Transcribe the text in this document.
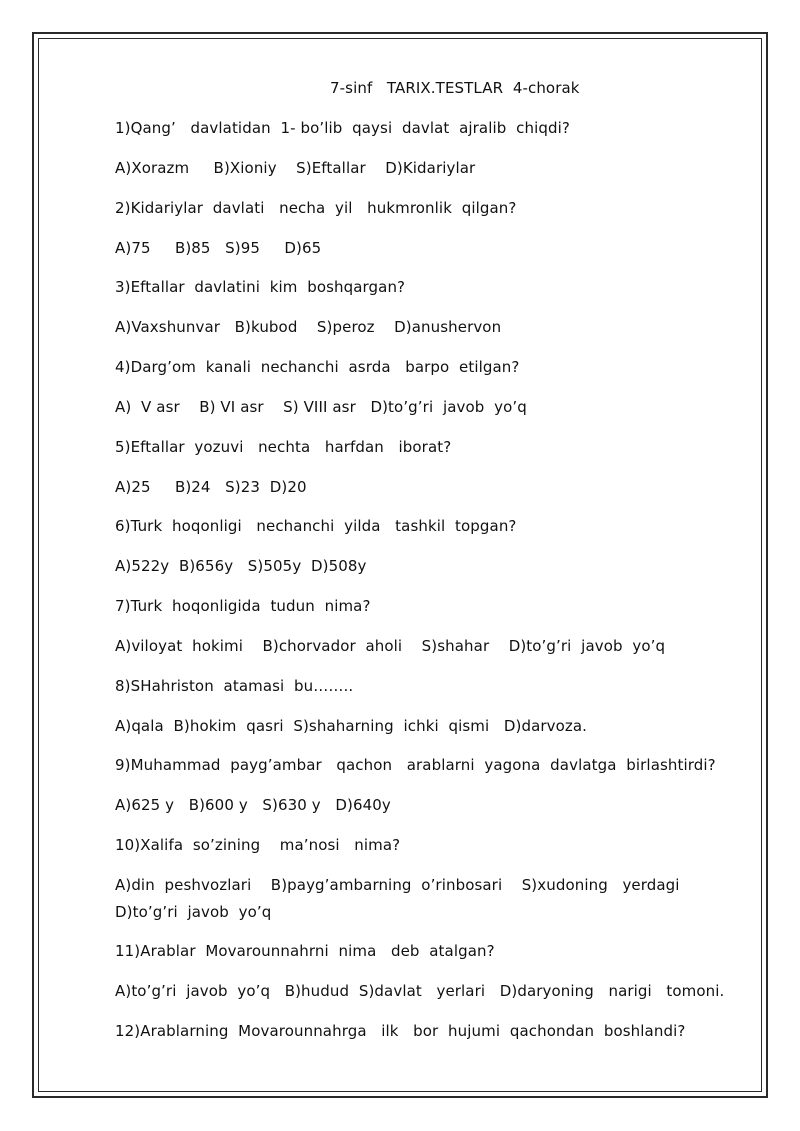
7-sinf   TARIX.TESTLAR  4-chorak
1)Qang’   davlatidan  1- bo’lib  qaysi  davlat  ajralib  chiqdi?
A)Xorazm     B)Xioniy    S)Eftallar    D)Kidariylar
2)Kidariylar  davlati   necha  yil   hukmronlik  qilgan?
A)75     B)85   S)95     D)65
3)Eftallar  davlatini  kim  boshqargan?
A)Vaxshunvar   B)kubod    S)peroz    D)anushervon
4)Darg’om  kanali  nechanchi  asrda   barpo  etilgan?
A)  V asr    B) VI asr    S) VIII asr   D)to’g’ri  javob  yo’q
5)Eftallar  yozuvi   nechta   harfdan   iborat?
A)25     B)24   S)23  D)20
6)Turk  hoqonligi   nechanchi  yilda   tashkil  topgan?
A)522y  B)656y   S)505y  D)508y
7)Turk  hoqonligida  tudun  nima?
A)viloyat  hokimi    B)chorvador  aholi    S)shahar    D)to’g’ri  javob  yo’q
8)SHahriston  atamasi  bu……..
A)qala  B)hokim  qasri  S)shaharning  ichki  qismi   D)darvoza.
9)Muhammad  payg’ambar   qachon   arablarni  yagona  davlatga  birlashtirdi?
A)625 y   B)600 y   S)630 y   D)640y
10)Xalifa  so’zining    ma’nosi   nima?
A)din  peshvozlari    B)payg’ambarning  o’rinbosari    S)xudoning   yerdagi
D)to’g’ri  javob  yo’q
11)Arablar  Movarounnahrni  nima   deb  atalgan?
A)to’g’ri  javob  yo’q   B)hudud  S)davlat   yerlari   D)daryoning   narigi   tomoni.
12)Arablarning  Movarounnahrga   ilk   bor  hujumi  qachondan  boshlandi?
